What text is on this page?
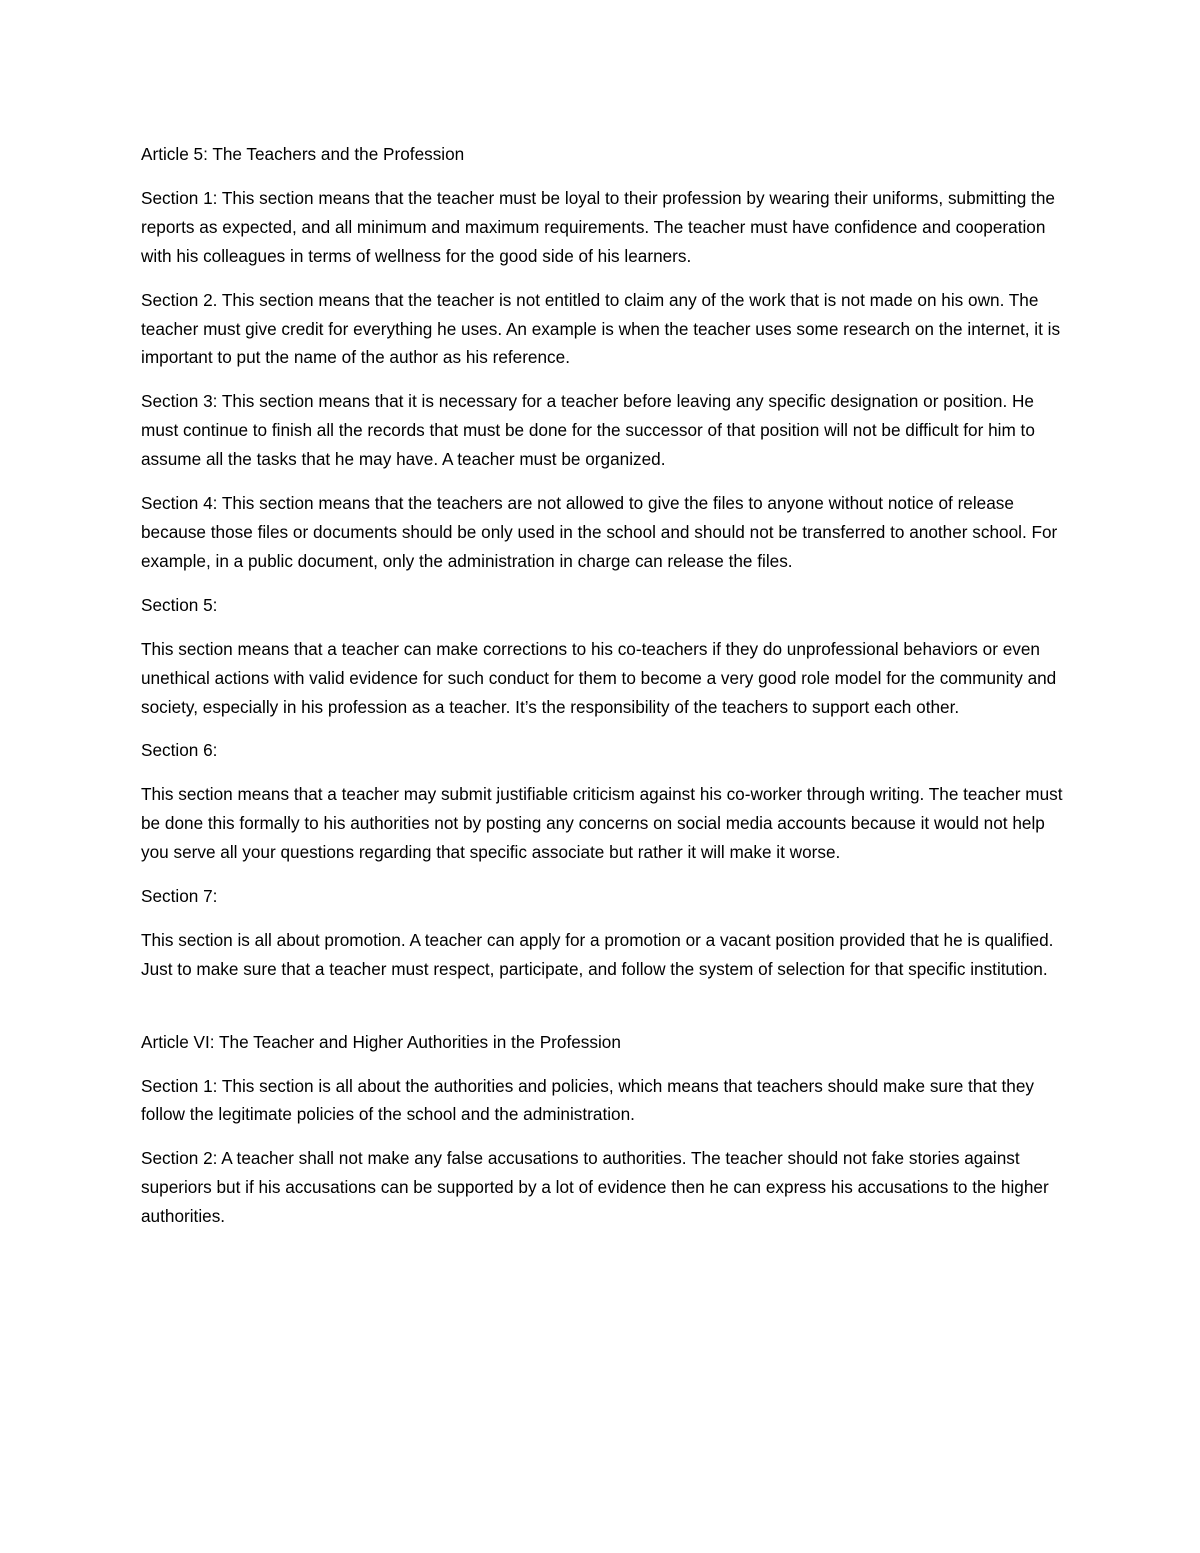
Article 5: The Teachers and the Profession

Section 1: This section means that the teacher must be loyal to their profession by wearing their uniforms, submitting the reports as expected, and all minimum and maximum requirements. The teacher must have confidence and cooperation with his colleagues in terms of wellness for the good side of his learners.

Section 2. This section means that the teacher is not entitled to claim any of the work that is not made on his own. The teacher must give credit for everything he uses. An example is when the teacher uses some research on the internet, it is important to put the name of the author as his reference.

Section 3: This section means that it is necessary for a teacher before leaving any specific designation or position. He must continue to finish all the records that must be done for the successor of that position will not be difficult for him to assume all the tasks that he may have. A teacher must be organized.

Section 4: This section means that the teachers are not allowed to give the files to anyone without notice of release because those files or documents should be only used in the school and should not be transferred to another school. For example, in a public document, only the administration in charge can release the files.

Section 5:

This section means that a teacher can make corrections to his co-teachers if they do unprofessional behaviors or even unethical actions with valid evidence for such conduct for them to become a very good role model for the community and society, especially in his profession as a teacher. It’s the responsibility of the teachers to support each other.

Section 6:

This section means that a teacher may submit justifiable criticism against his co-worker through writing. The teacher must be done this formally to his authorities not by posting any concerns on social media accounts because it would not help you serve all your questions regarding that specific associate but rather it will make it worse.

Section 7:

This section is all about promotion. A teacher can apply for a promotion or a vacant position provided that he is qualified. Just to make sure that a teacher must respect, participate, and follow the system of selection for that specific institution.

Article VI: The Teacher and Higher Authorities in the Profession

Section 1: This section is all about the authorities and policies, which means that teachers should make sure that they follow the legitimate policies of the school and the administration.

Section 2: A teacher shall not make any false accusations to authorities. The teacher should not fake stories against superiors but if his accusations can be supported by a lot of evidence then he can express his accusations to the higher authorities.
